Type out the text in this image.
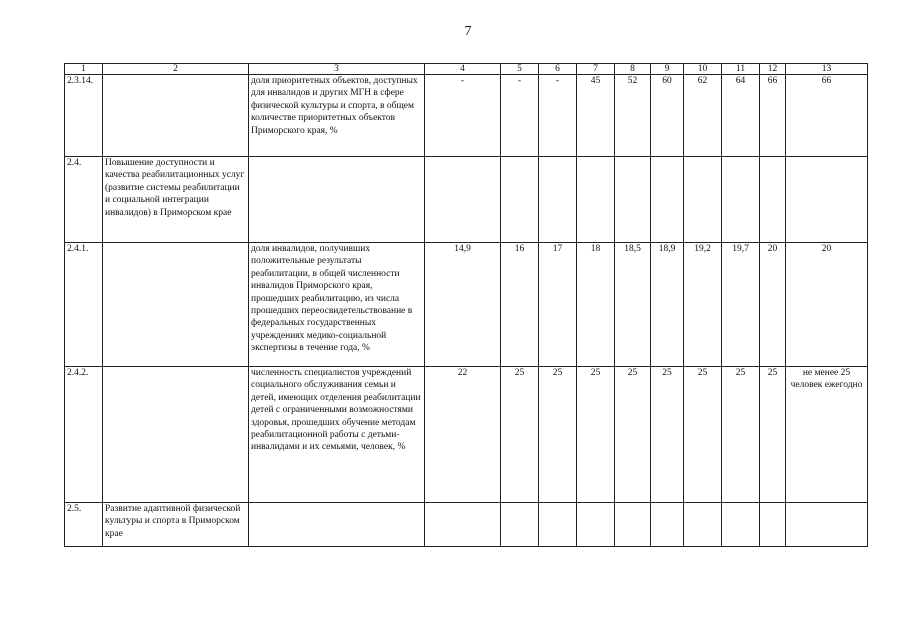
7
1	2	3	4	5	6	7	8	9	10	11	12	13
2.3.14.		доля приоритетных объектов, доступных для инвалидов и других МГН в сфере физической культуры и спорта, в общем количестве приоритетных объектов Приморского края, %	-	-	-	45	52	60	62	64	66	66
2.4.	Повышение доступности и качества реабилитационных услуг (развитие системы реабилитации и социальной интеграции инвалидов) в Приморском крае											
2.4.1.		доля инвалидов, получивших положительные результаты реабилитации, в общей численности инвалидов Приморского края, прошедших реабилитацию, из числа прошедших переосвидетельствование в федеральных государственных учреждениях медико-социальной экспертизы в течение года, %	14,9	16	17	18	18,5	18,9	19,2	19,7	20	20
2.4.2.		численность специалистов учреждений социального обслуживания семьи и детей, имеющих отделения реабилитации детей с ограниченными возможностями здоровья, прошедших обучение методам реабилитационной работы с детьми-инвалидами и их семьями, человек, %	22	25	25	25	25	25	25	25	25	не менее 25 человек ежегодно
2.5.	Развитие адаптивной физической культуры и спорта в Приморском крае											
